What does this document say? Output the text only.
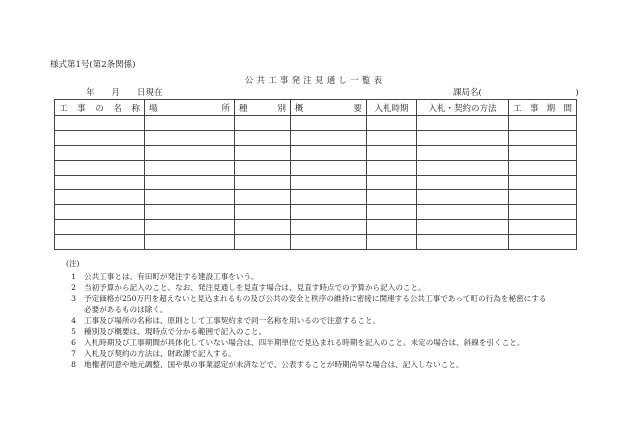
様式第1号(第2条関係)
公共工事発注見通し一覧表
年　　月　　日現在	課局名(　　　　　　　　　　　)
工 事 の 名 称	場 所	種 別	概 要	入札時期	入札・契約の方法	工 事 期 間

(注)
1 公共工事とは、有田町が発注する建設工事をいう。
2 当初予算から記入のこと。なお、発注見通しを見直す場合は、見直す時点での予算から記入のこと。
3 予定価格が250万円を超えないと見込まれるもの及び公共の安全と秩序の維持に密接に関連する公共工事であって町の行為を秘密にする必要があるものは除く。
4 工事及び場所の名称は、原則として工事契約まで同一名称を用いるので注意すること。
5 種別及び概要は、現時点で分かる範囲で記入のこと。
6 入札時期及び工事期間が具体化していない場合は、四半期単位で見込まれる時期を記入のこと。未定の場合は、斜線を引くこと。
7 入札及び契約の方法は、財政課で記入する。
8 地権者同意や地元調整、国や県の事業認定が未済などで、公表することが時期尚早な場合は、記入しないこと。
